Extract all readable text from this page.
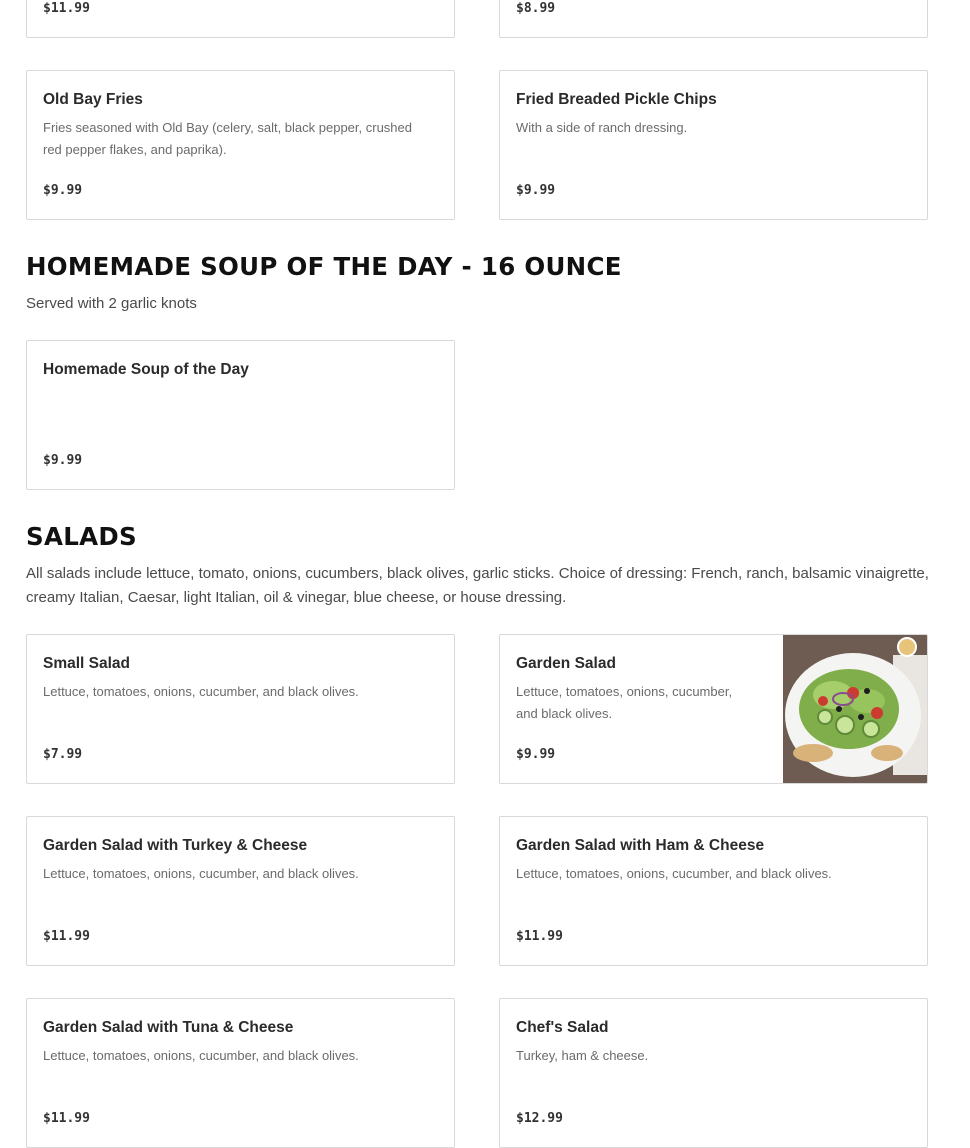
$11.99	$8.99
Old Bay Fries
Fries seasoned with Old Bay (celery, salt, black pepper, crushed red pepper flakes, and paprika).
$9.99
Fried Breaded Pickle Chips
With a side of ranch dressing.
$9.99
HOMEMADE SOUP OF THE DAY - 16 OUNCE

Served with 2 garlic knots

Homemade Soup of the Day
$9.99
SALADS

All salads include lettuce, tomato, onions, cucumbers, black olives, garlic sticks. Choice of dressing: French, ranch, balsamic vinaigrette, creamy Italian, Caesar, light Italian, oil & vinegar, blue cheese, or house dressing.

Small Salad
Lettuce, tomatoes, onions, cucumber, and black olives.
$7.99
Garden Salad
Lettuce, tomatoes, onions, cucumber, and black olives.
$9.99
Garden Salad with Turkey & Cheese
Lettuce, tomatoes, onions, cucumber, and black olives.
$11.99
Garden Salad with Ham & Cheese
Lettuce, tomatoes, onions, cucumber, and black olives.
$11.99
Garden Salad with Tuna & Cheese
Lettuce, tomatoes, onions, cucumber, and black olives.
$11.99
Chef's Salad
Turkey, ham & cheese.
$12.99
